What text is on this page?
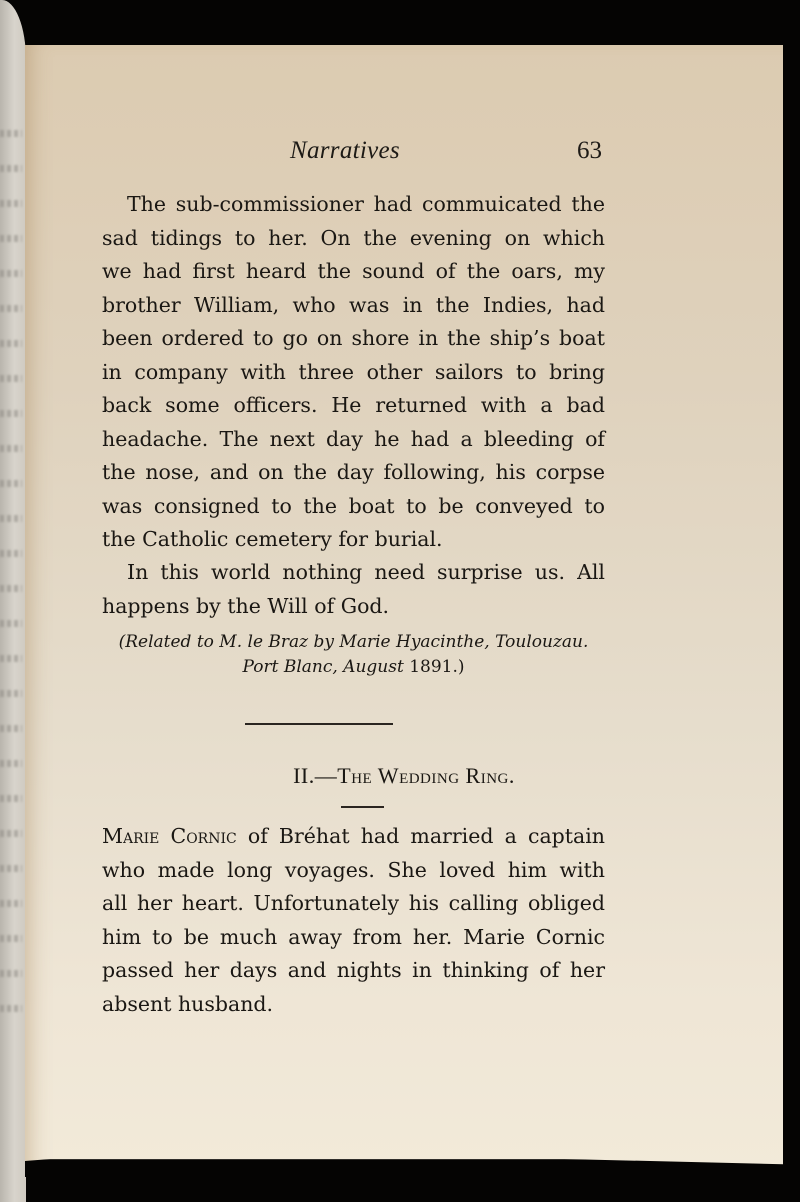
Narratives	63
The sub-commissioner had commuicated the
sad tidings to her. On the evening on which
we had first heard the sound of the oars, my
brother William, who was in the Indies, had
been ordered to go on shore in the ship’s boat
in company with three other sailors to bring
back some officers. He returned with a bad
headache. The next day he had a bleeding of
the nose, and on the day following, his corpse
was consigned to the boat to be conveyed to
the Catholic cemetery for burial.
In this world nothing need surprise us. All
happens by the Will of God.
(Related to M. le Braz by Marie Hyacinthe, Toulouzau.
Port Blanc, August 1891.)
II.—The Wedding Ring.
Marie Cornic of Bréhat had married a captain
who made long voyages. She loved him with
all her heart. Unfortunately his calling obliged
him to be much away from her. Marie Cornic
passed her days and nights in thinking of her
absent husband.
